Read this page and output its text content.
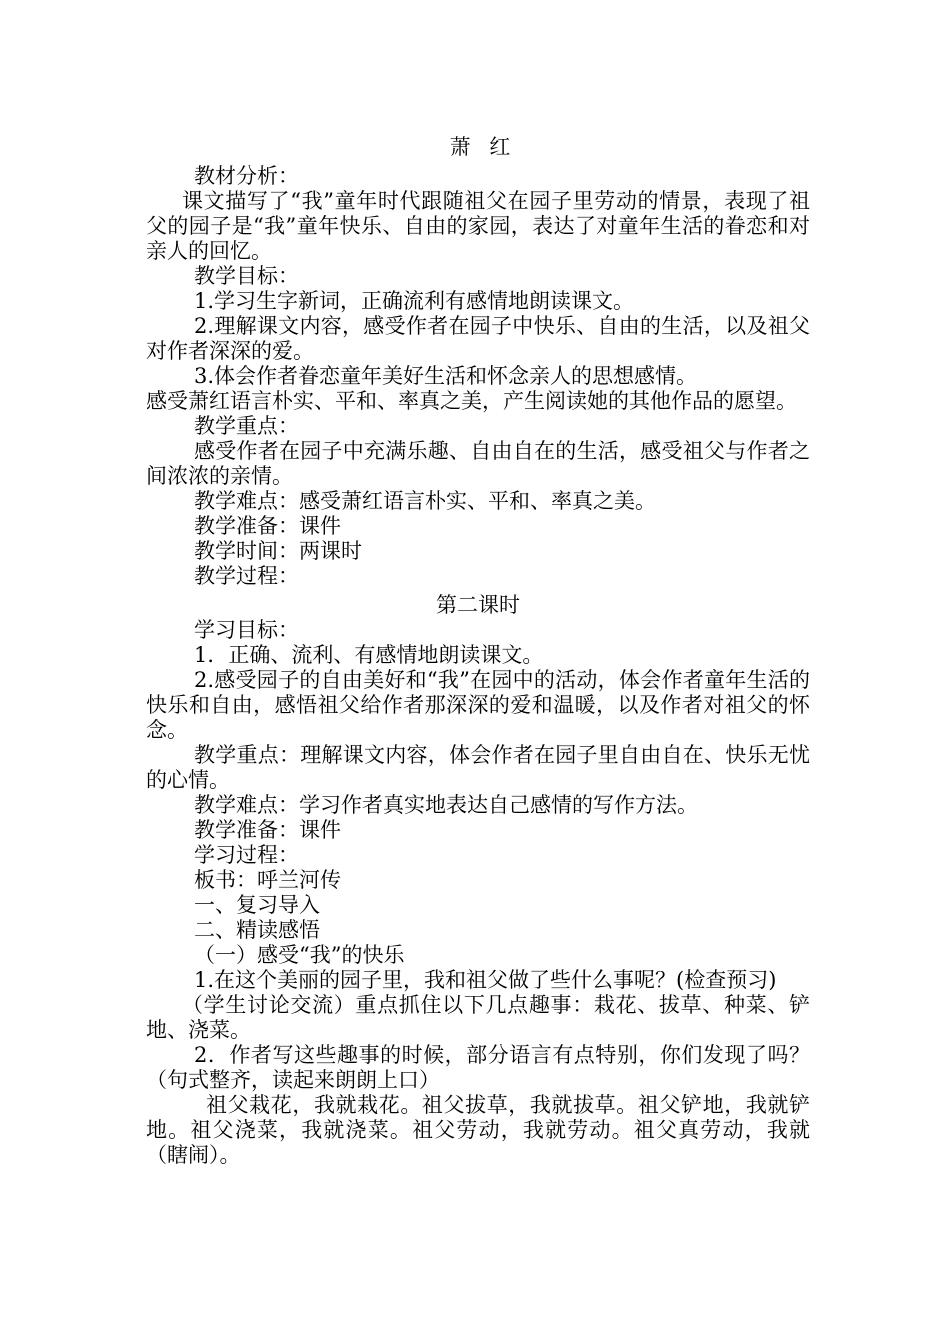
萧 红

教材分析：

课文描写了“我”童年时代跟随祖父在园子里劳动的情景，表现了祖父的园子是“我”童年快乐、自由的家园，表达了对童年生活的眷恋和对亲人的回忆。

教学目标：

1.学习生字新词，正确流利有感情地朗读课文。

2.理解课文内容，感受作者在园子中快乐、自由的生活，以及祖父对作者深深的爱。

3.体会作者眷恋童年美好生活和怀念亲人的思想感情。

感受萧红语言朴实、平和、率真之美，产生阅读她的其他作品的愿望。

教学重点：

感受作者在园子中充满乐趣、自由自在的生活，感受祖父与作者之间浓浓的亲情。

教学难点：感受萧红语言朴实、平和、率真之美。

教学准备：课件

教学时间：两课时

教学过程：

第二课时

学习目标：

1．正确、流利、有感情地朗读课文。

2.感受园子的自由美好和“我”在园中的活动，体会作者童年生活的快乐和自由，感悟祖父给作者那深深的爱和温暖，以及作者对祖父的怀念。

教学重点：理解课文内容，体会作者在园子里自由自在、快乐无忧的心情。

教学难点：学习作者真实地表达自己感情的写作方法。

教学准备：课件

学习过程：

板书：呼兰河传

一、复习导入

二、精读感悟

（一）感受“我”的快乐

1.在这个美丽的园子里，我和祖父做了些什么事呢？(检查预习)

（学生讨论交流）重点抓住以下几点趣事：栽花、拔草、种菜、铲地、浇菜。

2．作者写这些趣事的时候，部分语言有点特别，你们发现了吗？（句式整齐，读起来朗朗上口）

祖父栽花，我就栽花。祖父拔草，我就拔草。祖父铲地，我就铲地。祖父浇菜，我就浇菜。祖父劳动，我就劳动。祖父真劳动，我就（瞎闹）。
